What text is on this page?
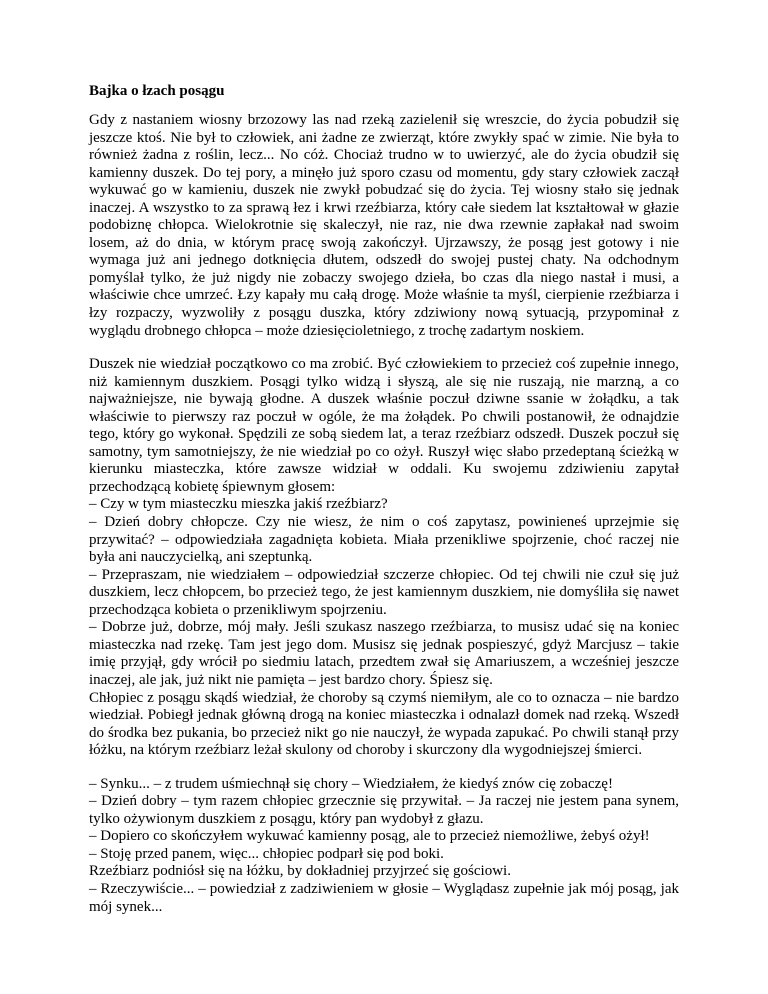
Bajka o łzach posągu
Gdy z nastaniem wiosny brzozowy las nad rzeką zazielenił się wreszcie, do życia pobudził się jeszcze ktoś. Nie był to człowiek, ani żadne ze zwierząt, które zwykły spać w zimie. Nie była to również żadna z roślin, lecz... No cóż. Chociaż trudno w to uwierzyć, ale do życia obudził się kamienny duszek. Do tej pory, a minęło już sporo czasu od momentu, gdy stary człowiek zaczął wykuwać go w kamieniu, duszek nie zwykł pobudzać się do życia. Tej wiosny stało się jednak inaczej. A wszystko to za sprawą łez i krwi rzeźbiarza, który całe siedem lat kształtował w głazie podobiznę chłopca. Wielokrotnie się skaleczył, nie raz, nie dwa rzewnie zapłakał nad swoim losem, aż do dnia, w którym pracę swoją zakończył. Ujrzawszy, że posąg jest gotowy i nie wymaga już ani jednego dotknięcia dłutem, odszedł do swojej pustej chaty. Na odchodnym pomyślał tylko, że już nigdy nie zobaczy swojego dzieła, bo czas dla niego nastał i musi, a właściwie chce umrzeć. Łzy kapały mu całą drogę. Może właśnie ta myśl, cierpienie rzeźbiarza i łzy rozpaczy, wyzwoliły z posągu duszka, który zdziwiony nową sytuacją, przypominał z wyglądu drobnego chłopca – może dziesięcioletniego, z trochę zadartym noskiem.
Duszek nie wiedział początkowo co ma zrobić. Być człowiekiem to przecież coś zupełnie innego, niż kamiennym duszkiem. Posągi tylko widzą i słyszą, ale się nie ruszają, nie marzną, a co najważniejsze, nie bywają głodne. A duszek właśnie poczuł dziwne ssanie w żołądku, a tak właściwie to pierwszy raz poczuł w ogóle, że ma żołądek. Po chwili postanowił, że odnajdzie tego, który go wykonał. Spędzili ze sobą siedem lat, a teraz rzeźbiarz odszedł. Duszek poczuł się samotny, tym samotniejszy, że nie wiedział po co ożył. Ruszył więc słabo przedeptaną ścieżką w kierunku miasteczka, które zawsze widział w oddali. Ku swojemu zdziwieniu zapytał przechodzącą kobietę śpiewnym głosem:
– Czy w tym miasteczku mieszka jakiś rzeźbiarz?
– Dzień dobry chłopcze. Czy nie wiesz, że nim o coś zapytasz, powinieneś uprzejmie się przywitać? – odpowiedziała zagadnięta kobieta. Miała przenikliwe spojrzenie, choć raczej nie była ani nauczycielką, ani szeptunką.
– Przepraszam, nie wiedziałem – odpowiedział szczerze chłopiec. Od tej chwili nie czuł się już duszkiem, lecz chłopcem, bo przecież tego, że jest kamiennym duszkiem, nie domyśliła się nawet przechodząca kobieta o przenikliwym spojrzeniu.
– Dobrze już, dobrze, mój mały. Jeśli szukasz naszego rzeźbiarza, to musisz udać się na koniec miasteczka nad rzekę. Tam jest jego dom. Musisz się jednak pospieszyć, gdyż Marcjusz – takie imię przyjął, gdy wrócił po siedmiu latach, przedtem zwał się Amariuszem, a wcześniej jeszcze inaczej, ale jak, już nikt nie pamięta – jest bardzo chory. Śpiesz się.
Chłopiec z posągu skądś wiedział, że choroby są czymś niemiłym, ale co to oznacza – nie bardzo wiedział. Pobiegł jednak główną drogą na koniec miasteczka i odnalazł domek nad rzeką. Wszedł do środka bez pukania, bo przecież nikt go nie nauczył, że wypada zapukać. Po chwili stanął przy łóżku, na którym rzeźbiarz leżał skulony od choroby i skurczony dla wygodniejszej śmierci.
– Synku... – z trudem uśmiechnął się chory – Wiedziałem, że kiedyś znów cię zobaczę!
– Dzień dobry – tym razem chłopiec grzecznie się przywitał. – Ja raczej nie jestem pana synem, tylko ożywionym duszkiem z posągu, który pan wydobył z głazu.
– Dopiero co skończyłem wykuwać kamienny posąg, ale to przecież niemożliwe, żebyś ożył!
– Stoję przed panem, więc... chłopiec podparł się pod boki.
Rzeźbiarz podniósł się na łóżku, by dokładniej przyjrzeć się gościowi.
– Rzeczywiście... – powiedział z zadziwieniem w głosie – Wyglądasz zupełnie jak mój posąg, jak mój synek...
